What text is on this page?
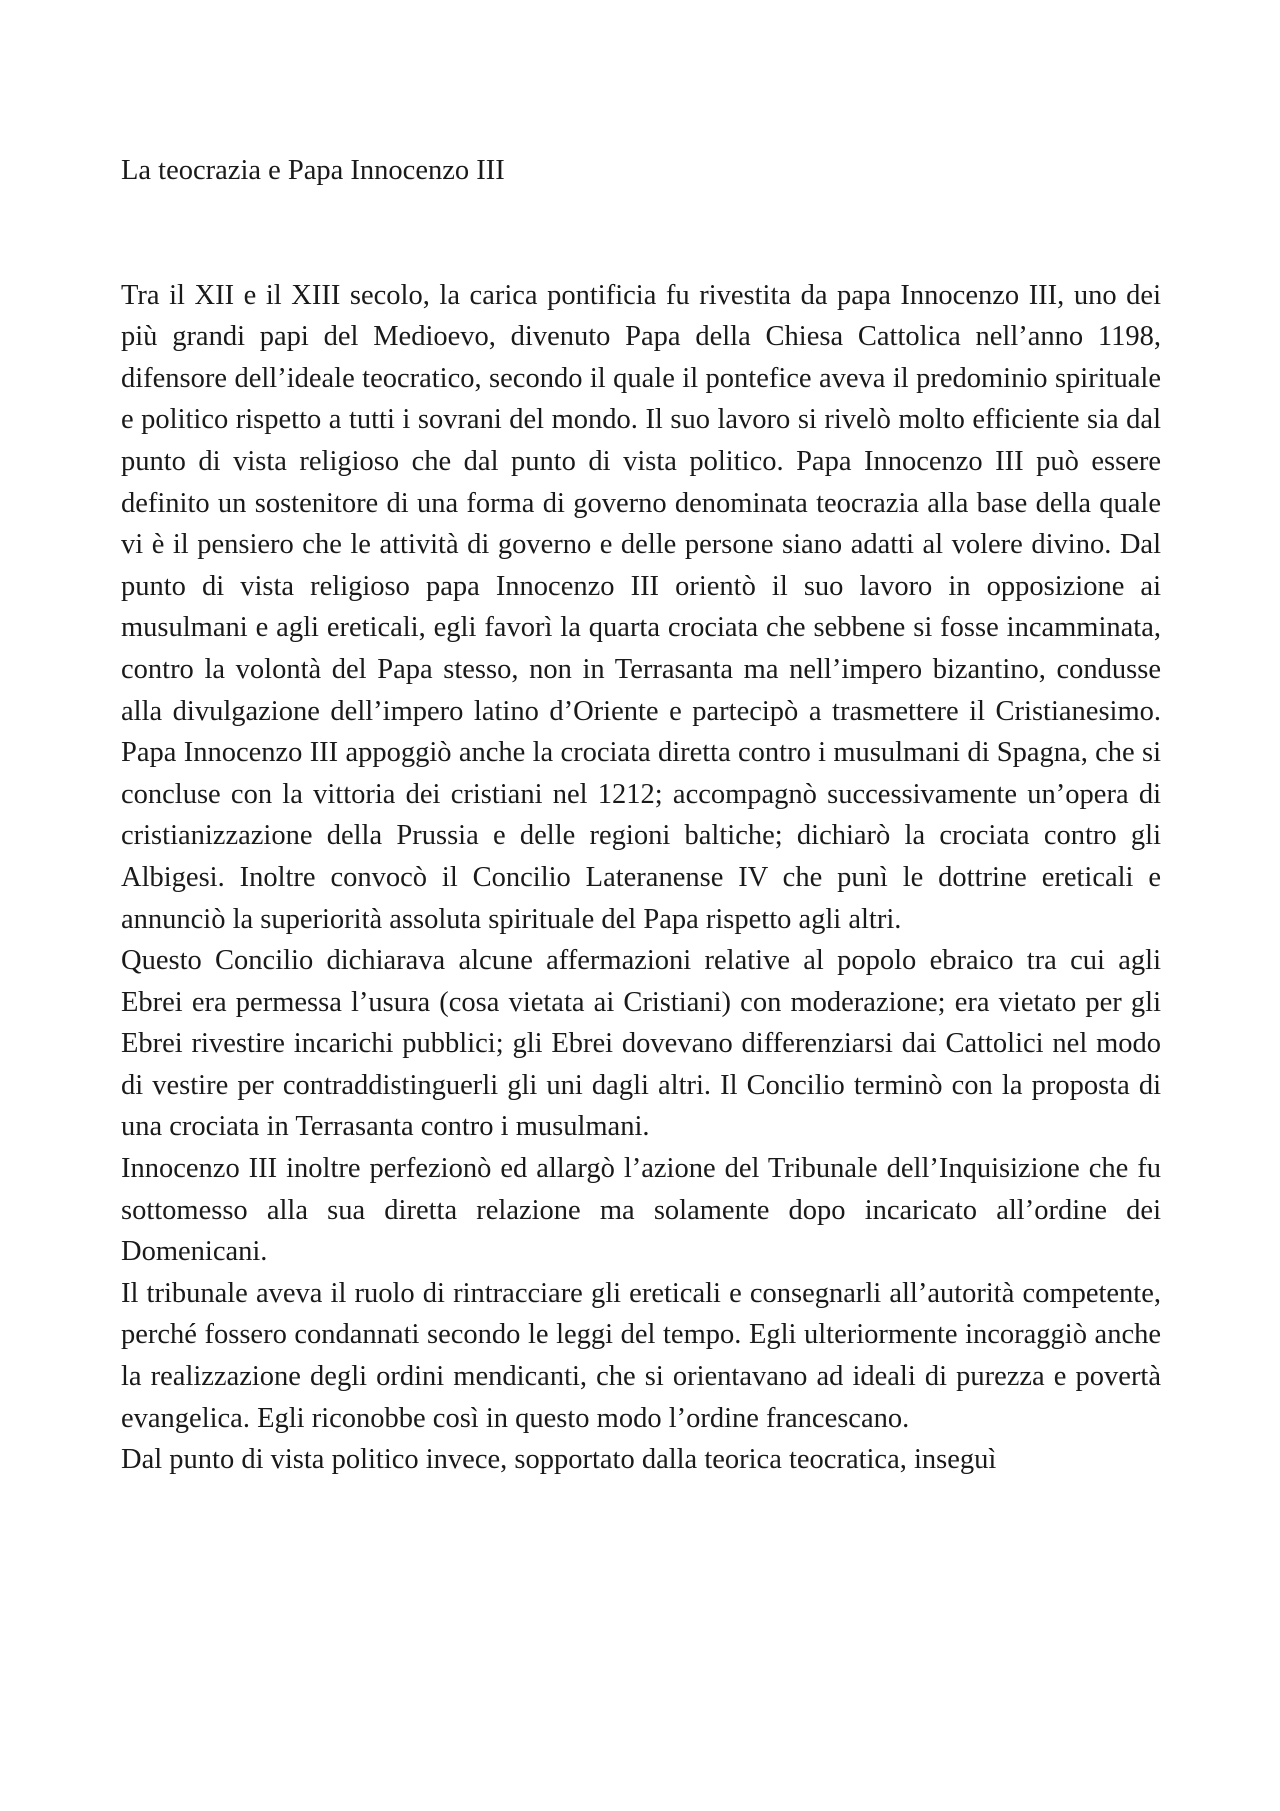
La teocrazia e Papa Innocenzo III

Tra il XII e il XIII secolo, la carica pontificia fu rivestita da papa Innocenzo III, uno dei più grandi papi del Medioevo, divenuto Papa della Chiesa Cattolica nell’anno 1198, difensore dell’ideale teocratico, secondo il quale il pontefice aveva il predominio spirituale e politico rispetto a tutti i sovrani del mondo. Il suo lavoro si rivelò molto efficiente sia dal punto di vista religioso che dal punto di vista politico. Papa Innocenzo III può essere definito un sostenitore di una forma di governo denominata teocrazia alla base della quale vi è il pensiero che le attività di governo e delle persone siano adatti al volere divino. Dal punto di vista religioso papa Innocenzo III orientò il suo lavoro in opposizione ai musulmani e agli ereticali, egli favorì la quarta crociata che sebbene si fosse incamminata, contro la volontà del Papa stesso, non in Terrasanta ma nell’impero bizantino, condusse alla divulgazione dell’impero latino d’Oriente e partecipò a trasmettere il Cristianesimo. Papa Innocenzo III appoggiò anche la crociata diretta contro i musulmani di Spagna, che si concluse con la vittoria dei cristiani nel 1212; accompagnò successivamente un’opera di cristianizzazione della Prussia e delle regioni baltiche; dichiarò la crociata contro gli Albigesi. Inoltre convocò il Concilio Lateranense IV che punì le dottrine ereticali e annunciò la superiorità assoluta spirituale del Papa rispetto agli altri.

Questo Concilio dichiarava alcune affermazioni relative al popolo ebraico tra cui agli Ebrei era permessa l’usura (cosa vietata ai Cristiani) con moderazione; era vietato per gli Ebrei rivestire incarichi pubblici; gli Ebrei dovevano differenziarsi dai Cattolici nel modo di vestire per contraddistinguerli gli uni dagli altri. Il Concilio terminò con la proposta di una crociata in Terrasanta contro i musulmani.

Innocenzo III inoltre perfezionò ed allargò l’azione del Tribunale dell’Inquisizione che fu sottomesso alla sua diretta relazione ma solamente dopo incaricato all’ordine dei Domenicani.

Il tribunale aveva il ruolo di rintracciare gli ereticali e consegnarli all’autorità competente, perché fossero condannati secondo le leggi del tempo. Egli ulteriormente incoraggiò anche la realizzazione degli ordini mendicanti, che si orientavano ad ideali di purezza e povertà evangelica. Egli riconobbe così in questo modo l’ordine francescano.

Dal punto di vista politico invece, sopportato dalla teorica teocratica, inseguì
